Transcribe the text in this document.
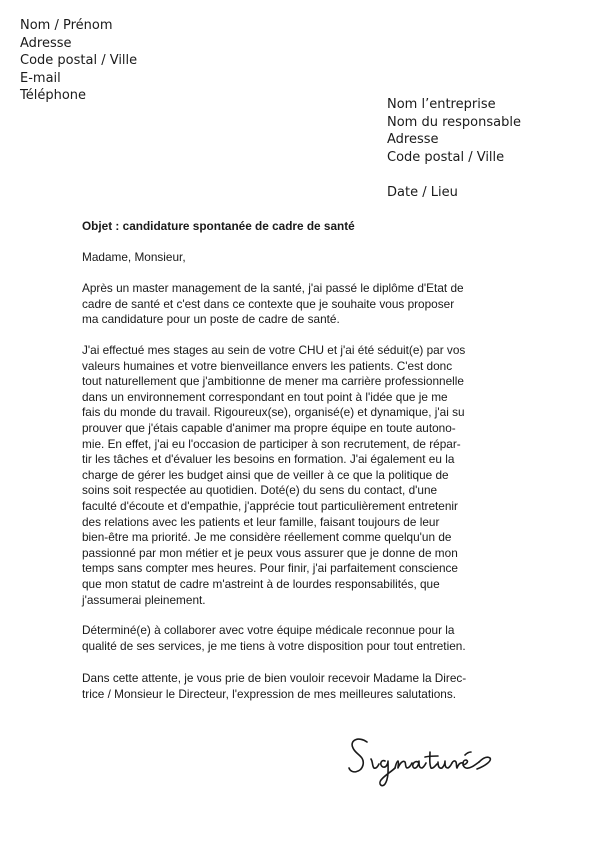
Nom / Prénom
Adresse
Code postal / Ville
E-mail
Téléphone
Nom l’entreprise
Nom du responsable
Adresse
Code postal / Ville
Date / Lieu
Objet : candidature spontanée de cadre de santé
Madame, Monsieur,
Après un master management de la santé, j'ai passé le diplôme d'Etat de
cadre de santé et c'est dans ce contexte que je souhaite vous proposer
ma candidature pour un poste de cadre de santé.
J'ai effectué mes stages au sein de votre CHU et j'ai été séduit(e) par vos
valeurs humaines et votre bienveillance envers les patients. C'est donc
tout naturellement que j'ambitionne de mener ma carrière professionnelle
dans un environnement correspondant en tout point à l'idée que je me
fais du monde du travail. Rigoureux(se), organisé(e) et dynamique, j'ai su
prouver que j'étais capable d'animer ma propre équipe en toute autono-
mie. En effet, j'ai eu l'occasion de participer à son recrutement, de répar-
tir les tâches et d'évaluer les besoins en formation. J'ai également eu la
charge de gérer les budget ainsi que de veiller à ce que la politique de
soins soit respectée au quotidien. Doté(e) du sens du contact, d'une
faculté d'écoute et d'empathie, j'apprécie tout particulièrement entretenir
des relations avec les patients et leur famille, faisant toujours de leur
bien-être ma priorité. Je me considère réellement comme quelqu'un de
passionné par mon métier et je peux vous assurer que je donne de mon
temps sans compter mes heures. Pour finir, j'ai parfaitement conscience
que mon statut de cadre m'astreint à de lourdes responsabilités, que
j'assumerai pleinement.
Déterminé(e) à collaborer avec votre équipe médicale reconnue pour la
qualité de ses services, je me tiens à votre disposition pour tout entretien.
Dans cette attente, je vous prie de bien vouloir recevoir Madame la Direc-
trice / Monsieur le Directeur, l'expression de mes meilleures salutations.
Signature
